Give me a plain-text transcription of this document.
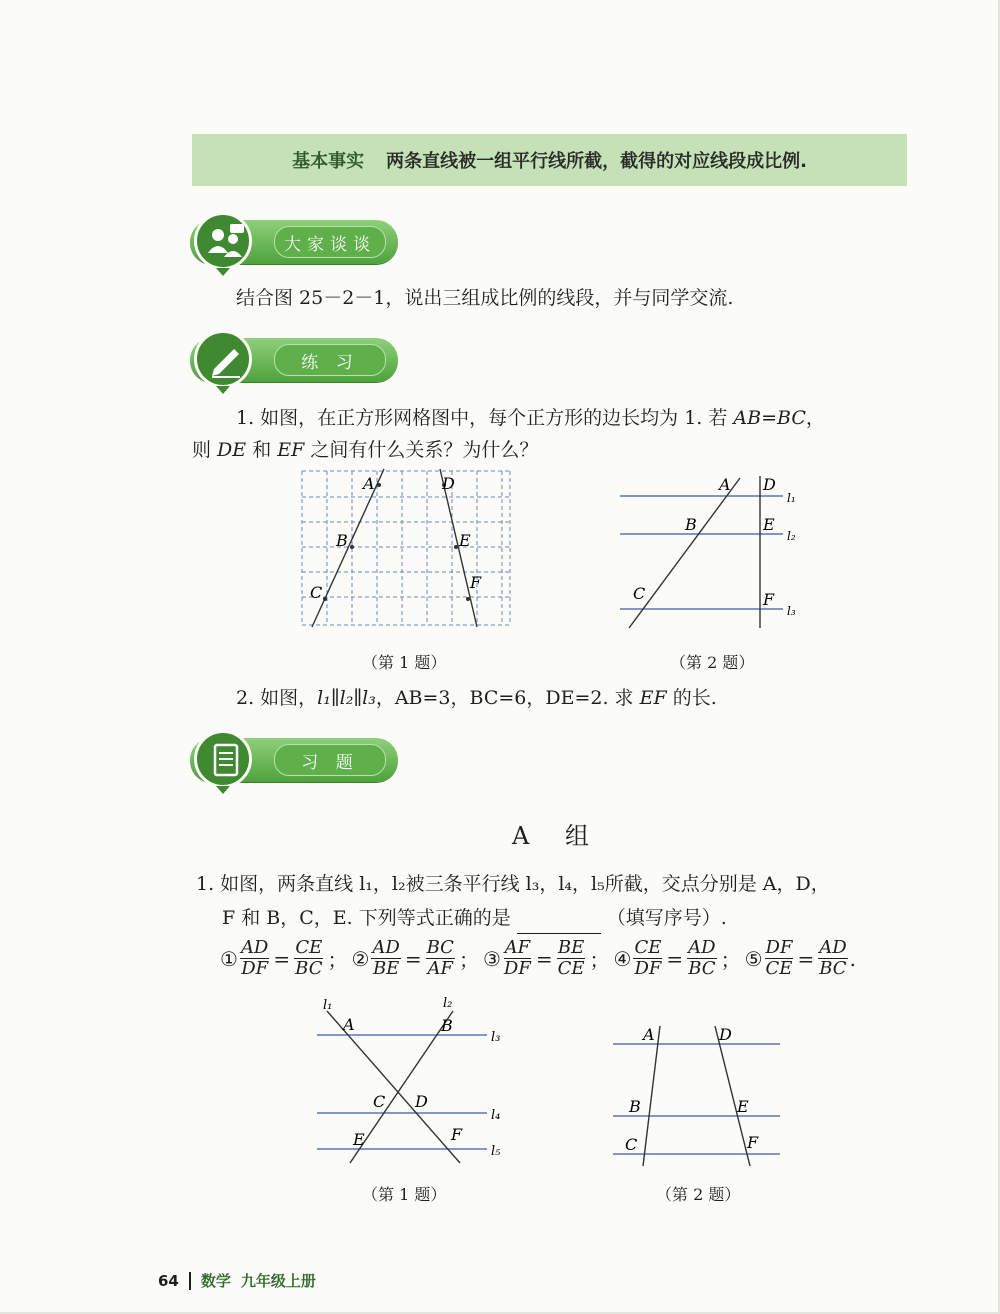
基本事实 两条直线被一组平行线所截，截得的对应线段成比例.
大家谈谈
结合图 25－2－1，说出三组成比例的线段，并与同学交流.
练 习
1. 如图，在正方形网格图中，每个正方形的边长均为 1. 若 AB=BC，
则 DE 和 EF 之间有什么关系？为什么？
A	D
B	E
C
F
（第 1 题）
A D
B	E
C	F
l₁
l₂
l₃
（第 2 题）
2. 如图，l₁∥l₂∥l₃，AB=3，BC=6，DE=2. 求 EF 的长.
习 题
A 组
1. 如图，两条直线 l₁，l₂被三条平行线 l₃，l₄，l₅所截，交点分别是 A，D，
F 和 B，C，E. 下列等式正确的是	（填写序号）.
① $\frac{AD}{DF} = \frac{CE}{BC}$ ； ② $\frac{AD}{BE} = \frac{BC}{AF}$ ； ③ $\frac{AF}{DF} = \frac{BE}{CE}$ ； ④ $\frac{CE}{DF} = \frac{AD}{BC}$ ； ⑤ $\frac{DF}{CE} = \frac{AD}{BC}$ .
l₁	l₂
l₃
l₄
l₅
A	B
C D
E	F
（第 1 题）
A	D
B	E
C	F
（第 2 题）
64 数学 九年级上册
